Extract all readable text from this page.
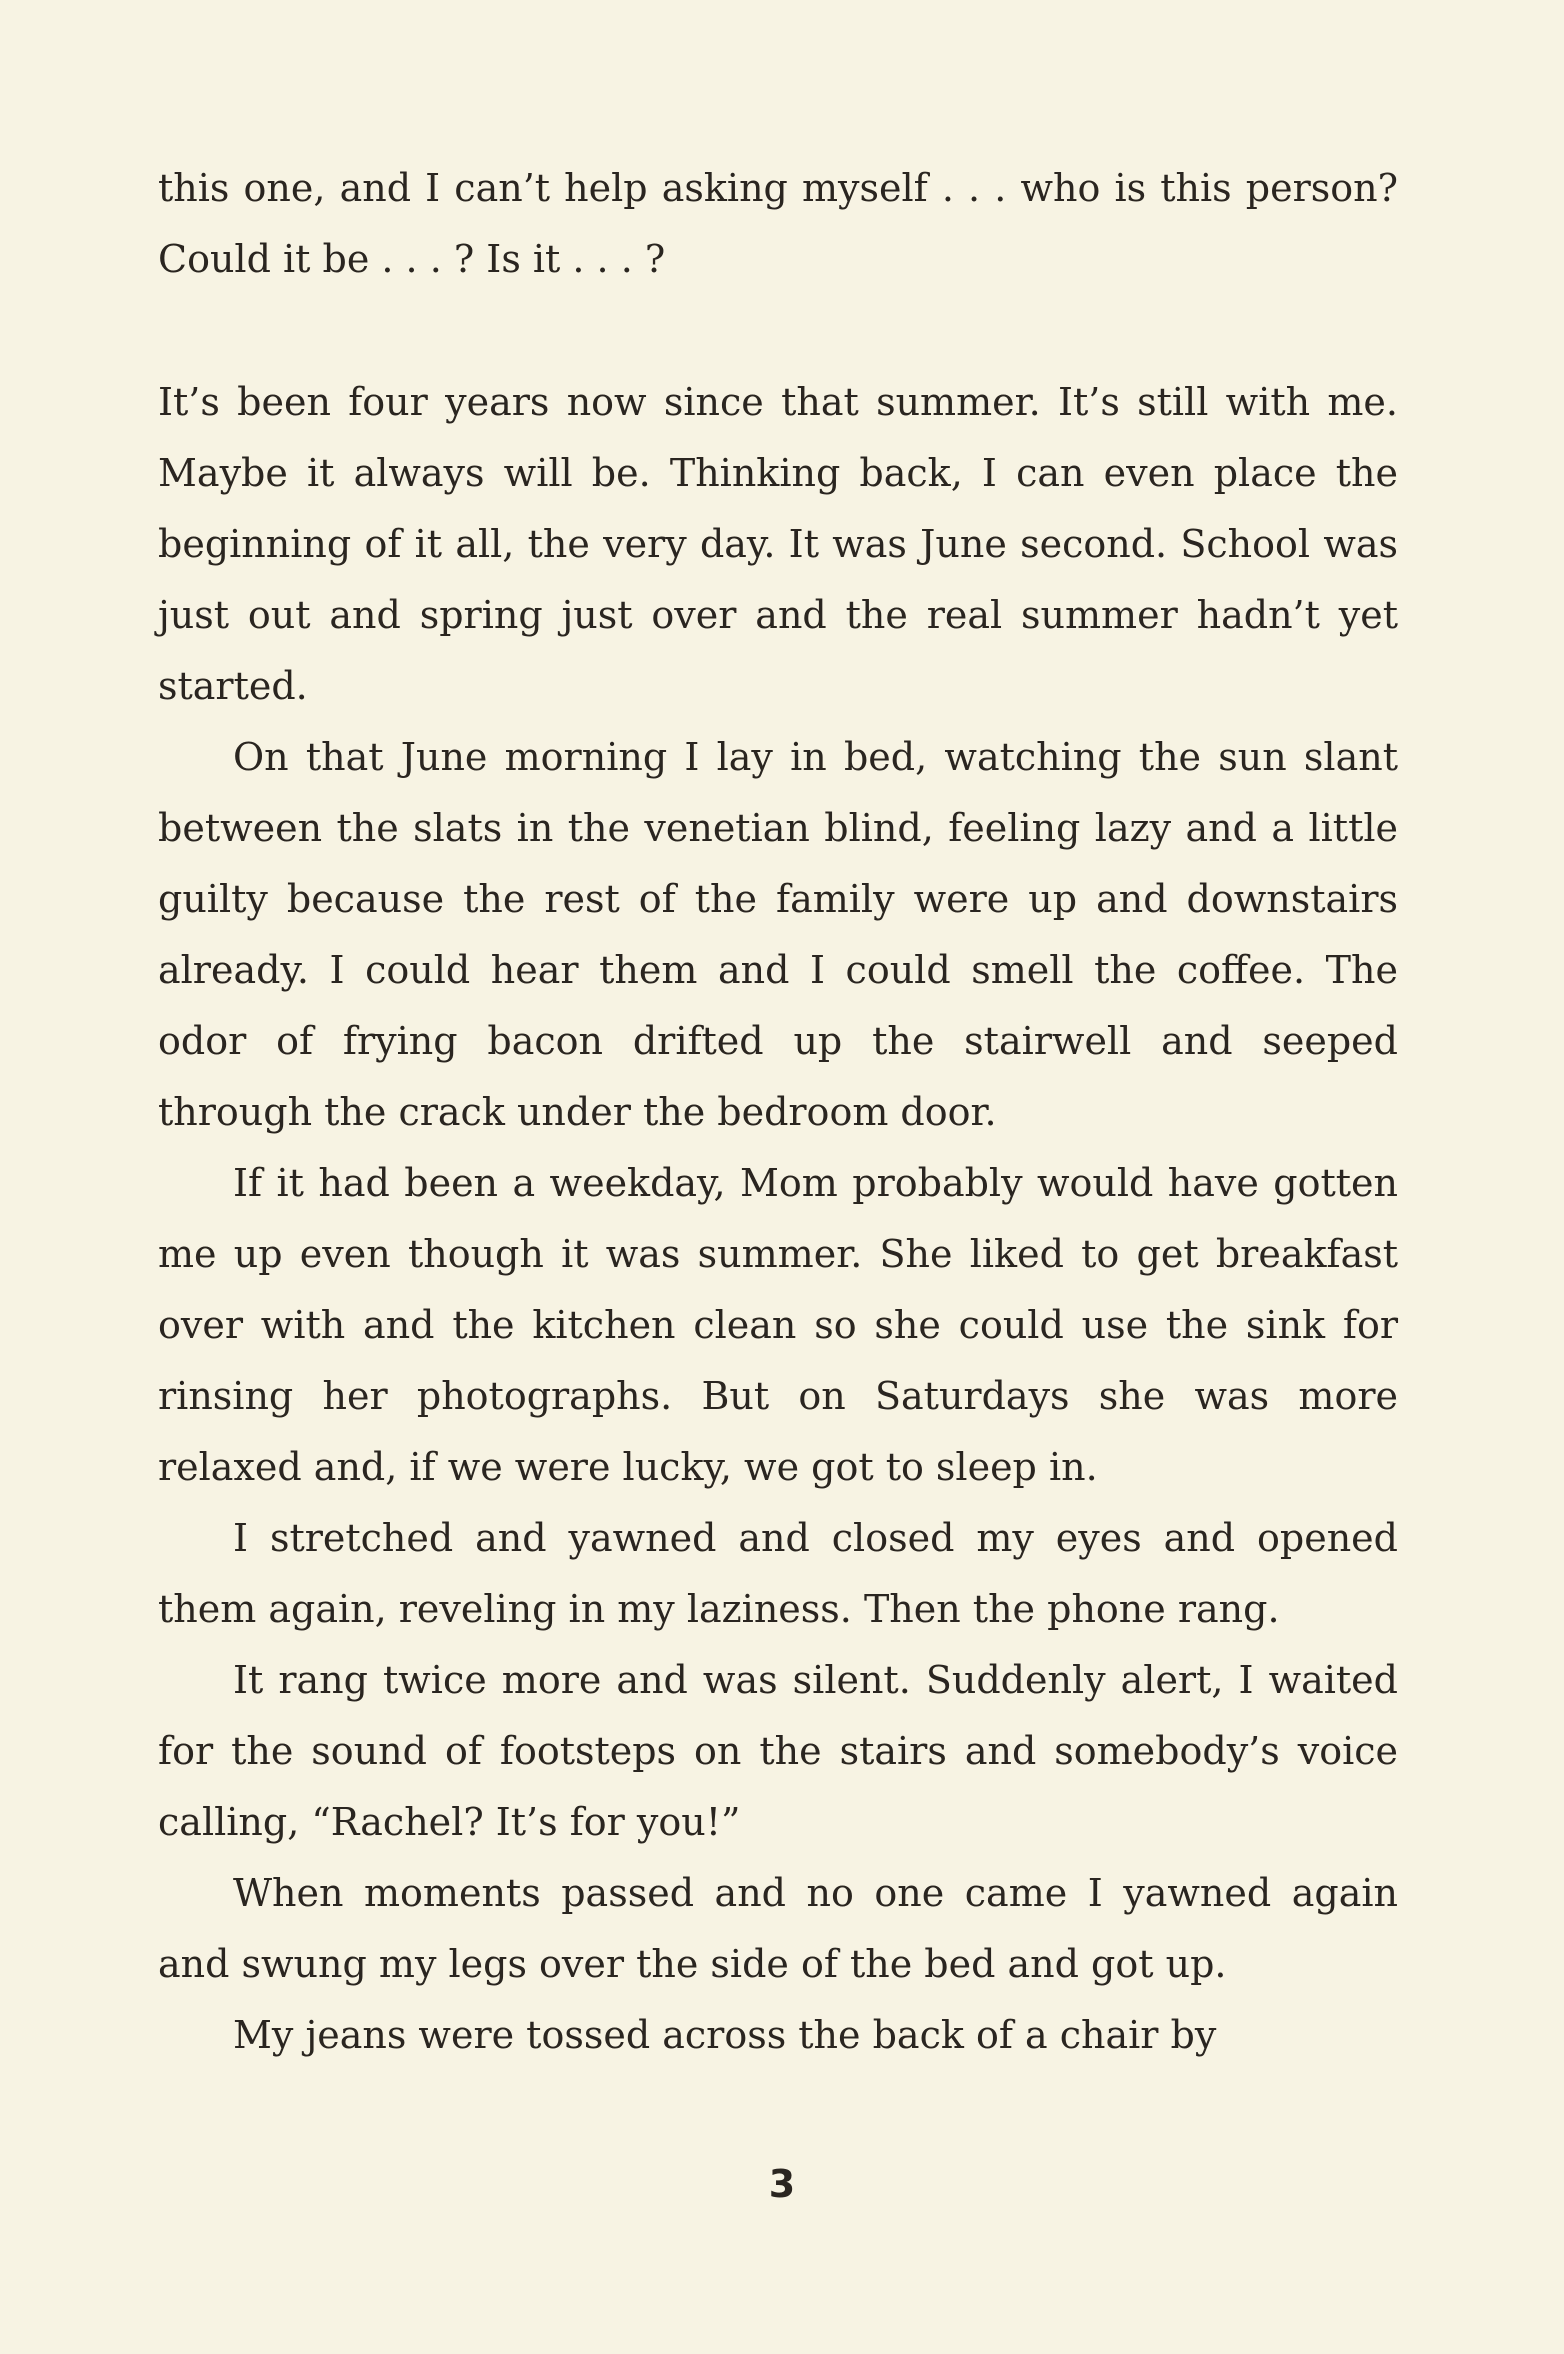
this one, and I can’t help asking myself . . . who is this person? Could it be . . . ? Is it . . . ?

It’s been four years now since that summer. It’s still with me. Maybe it always will be. Thinking back, I can even place the beginning of it all, the very day. It was June second. School was just out and spring just over and the real summer hadn’t yet started.

On that June morning I lay in bed, watching the sun slant between the slats in the venetian blind, feeling lazy and a little guilty because the rest of the family were up and downstairs already. I could hear them and I could smell the coffee. The odor of frying bacon drifted up the stairwell and seeped through the crack under the bedroom door.

If it had been a weekday, Mom probably would have gotten me up even though it was summer. She liked to get breakfast over with and the kitchen clean so she could use the sink for rinsing her photographs. But on Saturdays she was more relaxed and, if we were lucky, we got to sleep in.

I stretched and yawned and closed my eyes and opened them again, reveling in my laziness. Then the phone rang.

It rang twice more and was silent. Suddenly alert, I waited for the sound of footsteps on the stairs and somebody’s voice calling, “Rachel? It’s for you!”

When moments passed and no one came I yawned again and swung my legs over the side of the bed and got up.

My jeans were tossed across the back of a chair by

3
